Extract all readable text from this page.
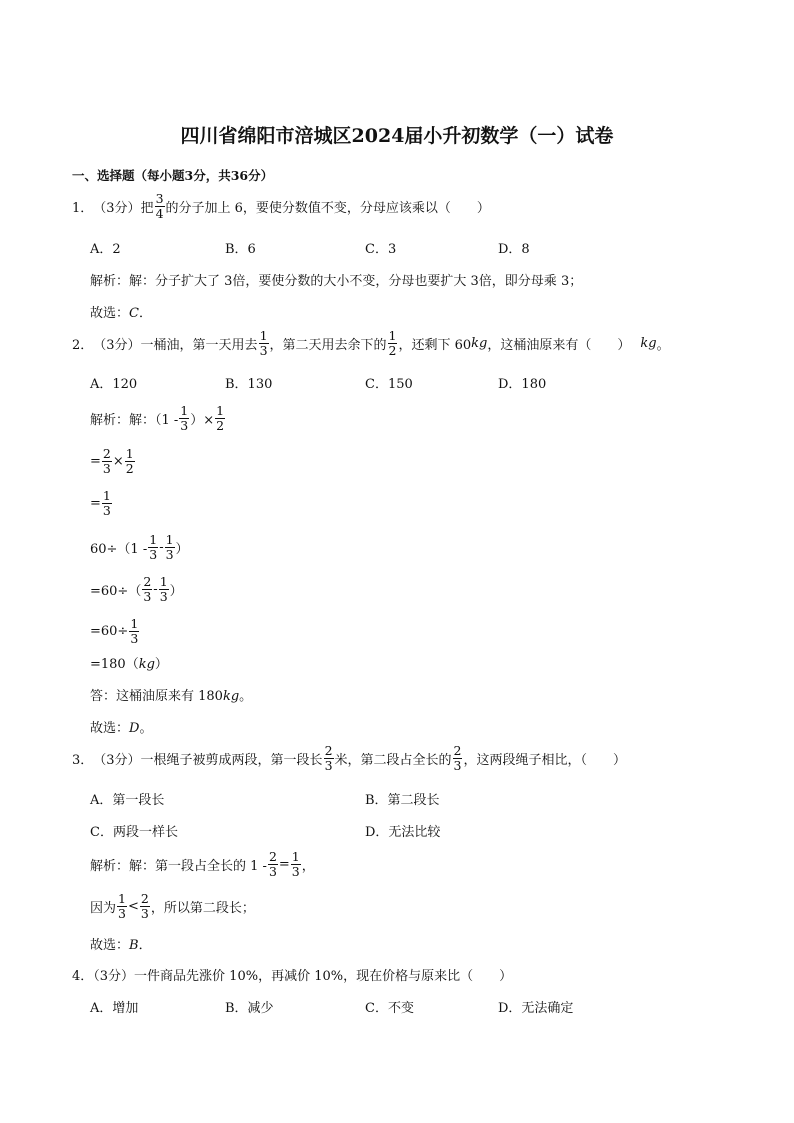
四川省绵阳市涪城区2024届小升初数学（一）试卷
一、选择题（每小题3分，共36分）
1． （3分）把 $\frac{3}{4}$ 的分子加上 6，要使分数值不变，分母应该乘以（　　）
A．2	B．6	C．3	D．8
解析：解：分子扩大了 3倍，要使分数的大小不变，分母也要扩大 3倍，即分母乘 3；
故选：C．
2． （3分）一桶油，第一天用去 $\frac{1}{3}$ ，第二天用去余下的 $\frac{1}{2}$ ，还剩下 60 kg ，这桶油原来有（　　） kg 。
A．120	B．130	C．150	D．180
解析：解：（$1 - \frac{1}{3}$ ）× $\frac{1}{2}$
= $\frac{2}{3} \times \frac{1}{2}$
= $\frac{1}{3}$
$60\div(1 - \frac{1}{3} - \frac{1}{3}$ ）
$=60\div( \frac{2}{3} - \frac{1}{3}$ ）
$=60\div \frac{1}{3}$
=180（kg）
答：这桶油原来有 180kg。
故选：D。
3． （3分）一根绳子被剪成两段，第一段长 $\frac{2}{3}$ 米，第二段占全长的 $\frac{2}{3}$ ，这两段绳子相比，（　　）
A．第一段长	B．第二段长
C．两段一样长	D．无法比较
解析：解：第一段占全长的 $1 - \frac{2}{3} = \frac{1}{3}$ ，
因为 $\frac{1}{3} < \frac{2}{3}$ ，所以第二段长；
故选：B．
4．（3分）一件商品先涨价 10%，再减价 10%，现在价格与原来比（　　）
A．增加	B．减少	C．不变	D．无法确定
